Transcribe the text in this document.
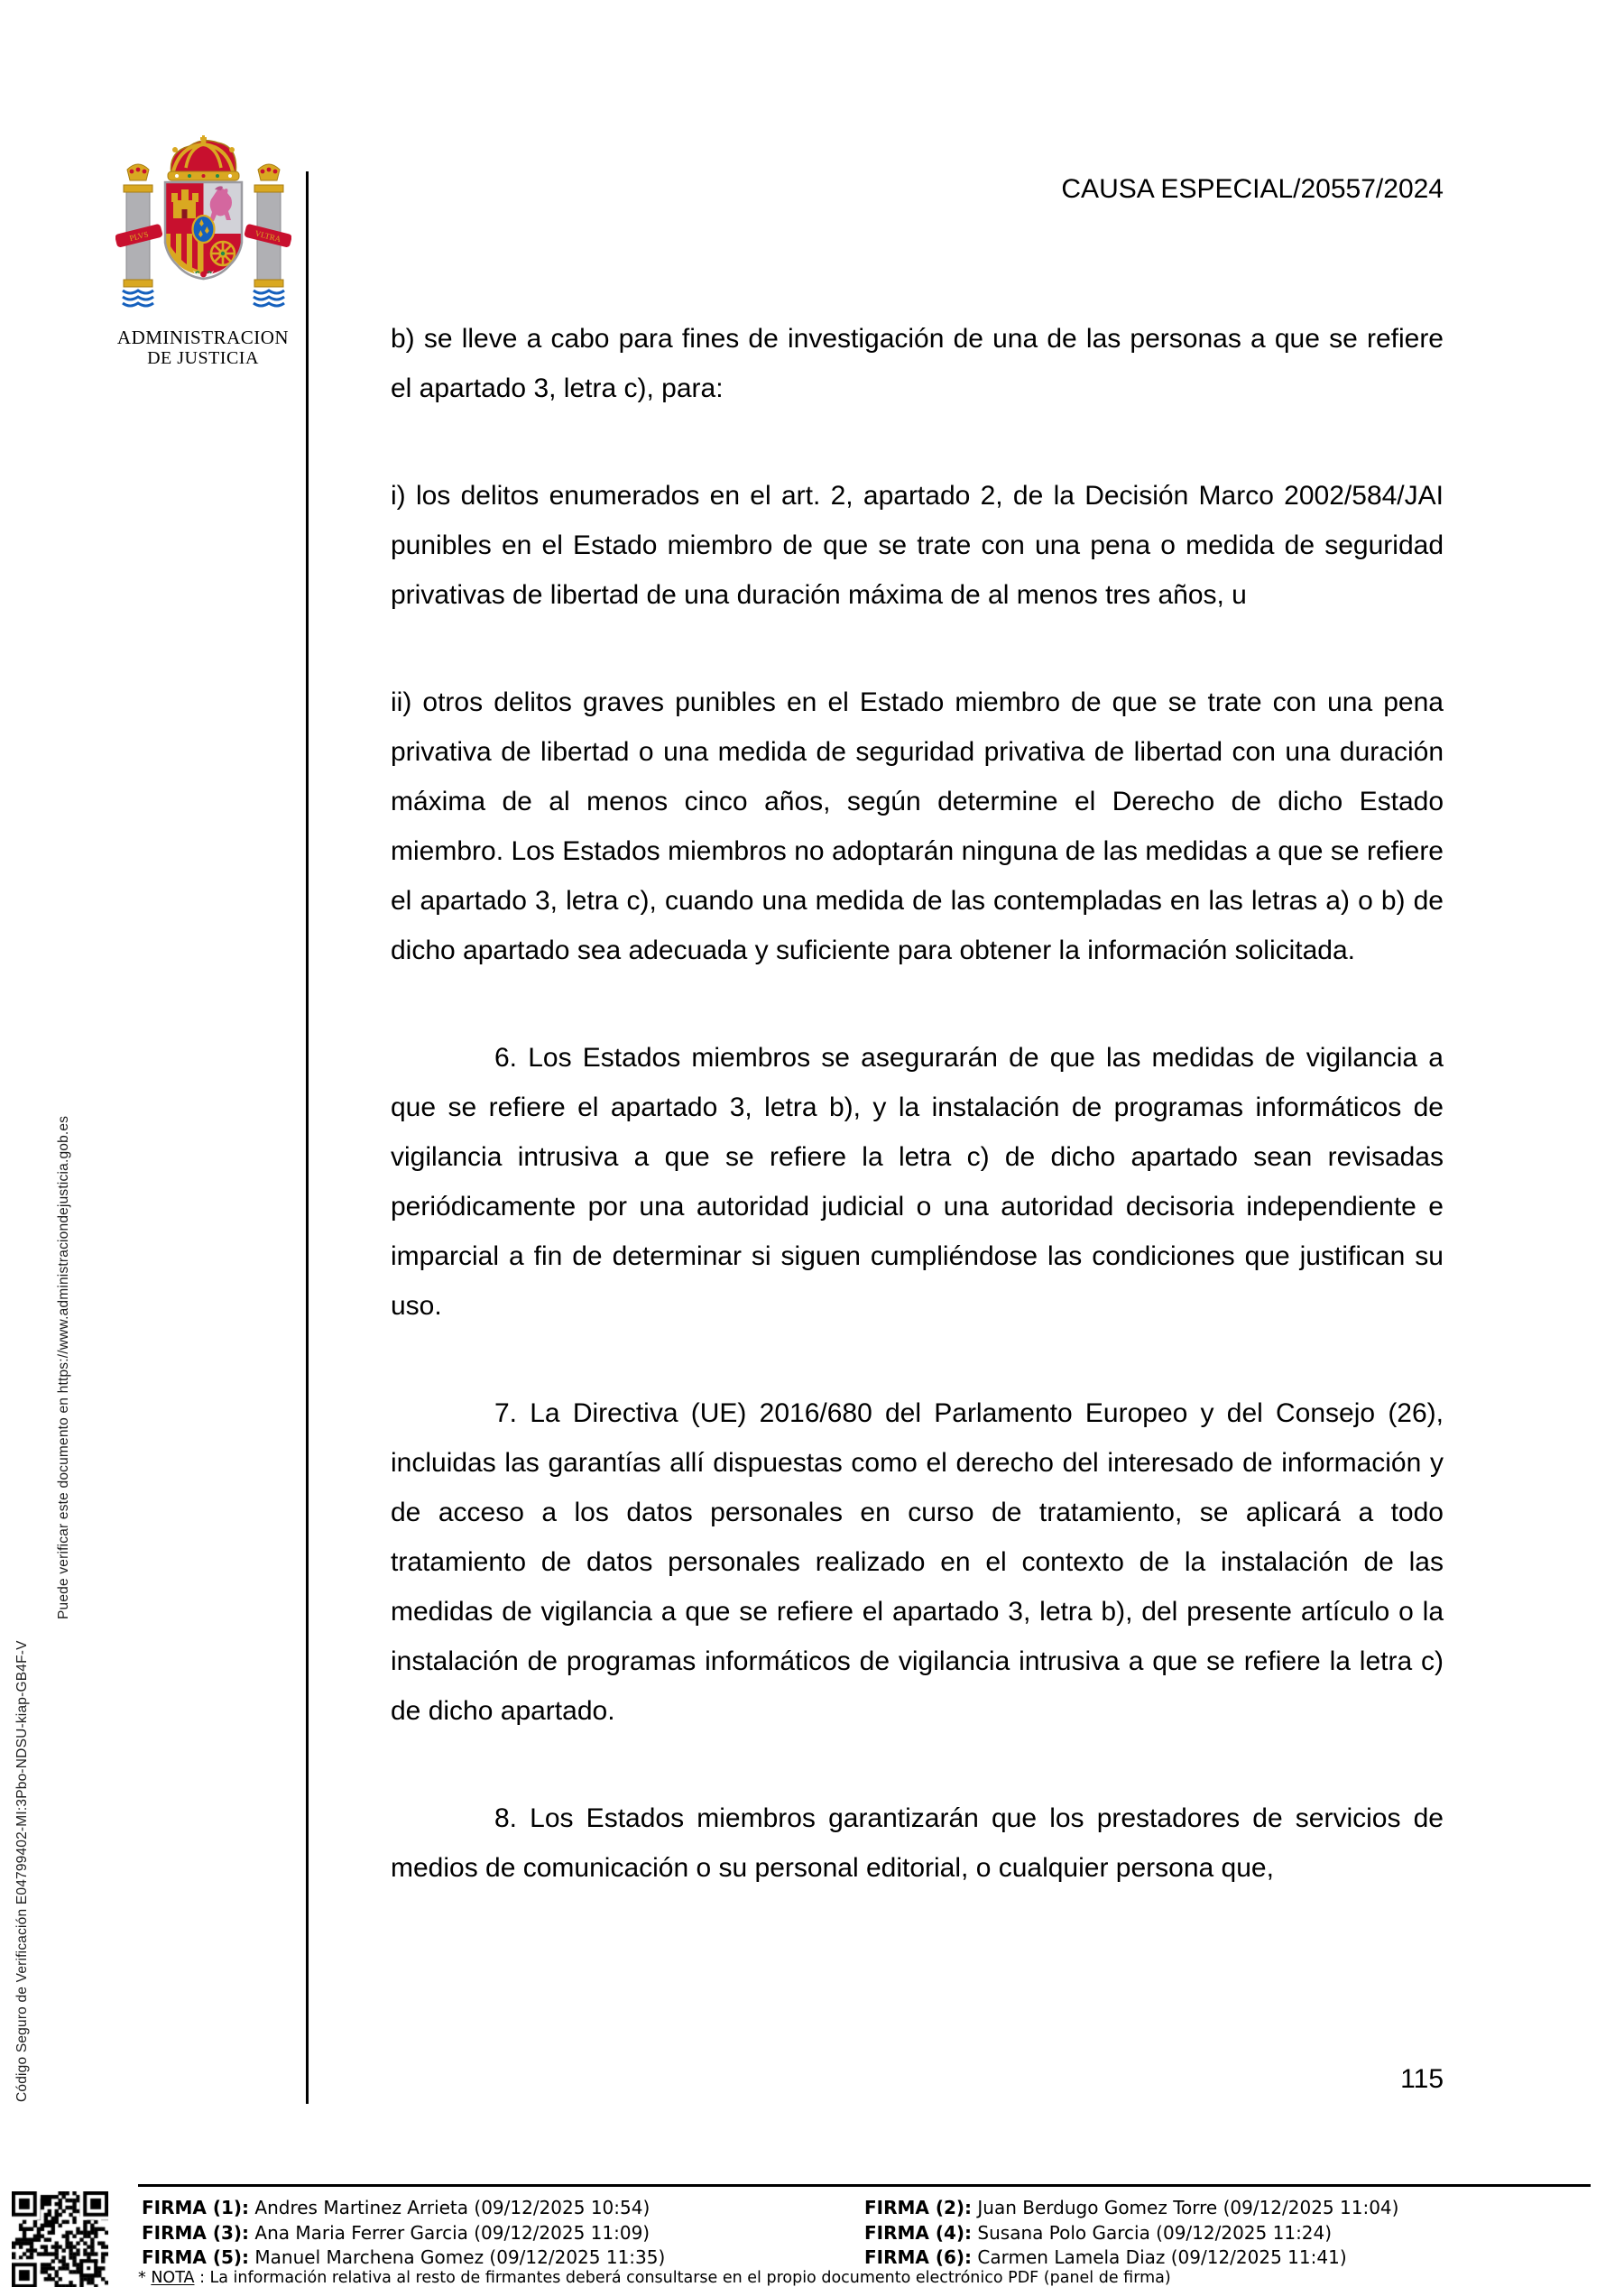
PLVS	VLTRA
ADMINISTRACION
DE JUSTICIA
CAUSA ESPECIAL/20557/2024

b) se lleve a cabo para fines de investigación de una de las personas a que se refiere el apartado 3, letra c), para:

i) los delitos enumerados en el art. 2, apartado 2, de la Decisión Marco 2002/584/JAI punibles en el Estado miembro de que se trate con una pena o medida de seguridad privativas de libertad de una duración máxima de al menos tres años, u

ii) otros delitos graves punibles en el Estado miembro de que se trate con una pena privativa de libertad o una medida de seguridad privativa de libertad con una duración máxima de al menos cinco años, según determine el Derecho de dicho Estado miembro. Los Estados miembros no adoptarán ninguna de las medidas a que se refiere el apartado 3, letra c), cuando una medida de las contempladas en las letras a) o b) de dicho apartado sea adecuada y suficiente para obtener la información solicitada.

6. Los Estados miembros se asegurarán de que las medidas de vigilancia a que se refiere el apartado 3, letra b), y la instalación de programas informáticos de vigilancia intrusiva a que se refiere la letra c) de dicho apartado sean revisadas periódicamente por una autoridad judicial o una autoridad decisoria independiente e imparcial a fin de determinar si siguen cumpliéndose las condiciones que justifican su uso.

7. La Directiva (UE) 2016/680 del Parlamento Europeo y del Consejo (26), incluidas las garantías allí dispuestas como el derecho del interesado de información y de acceso a los datos personales en curso de tratamiento, se aplicará a todo tratamiento de datos personales realizado en el contexto de la instalación de las medidas de vigilancia a que se refiere el apartado 3, letra b), del presente artículo o la instalación de programas informáticos de vigilancia intrusiva a que se refiere la letra c) de dicho apartado.

8. Los Estados miembros garantizarán que los prestadores de servicios de medios de comunicación o su personal editorial, o cualquier persona que,

115
Código Seguro de Verificación E04799402-MI:3Pbo-NDSU-kiap-GB4F-V
Puede verificar este documento en https://www.administraciondejusticia.gob.es
FIRMA (1): Andres Martinez Arrieta (09/12/2025 10:54)
FIRMA (3): Ana Maria Ferrer Garcia (09/12/2025 11:09)
FIRMA (5): Manuel Marchena Gomez (09/12/2025 11:35)
FIRMA (2): Juan Berdugo Gomez Torre (09/12/2025 11:04)
FIRMA (4): Susana Polo Garcia (09/12/2025 11:24)
FIRMA (6): Carmen Lamela Diaz (09/12/2025 11:41)
* NOTA : La información relativa al resto de firmantes deberá consultarse en el propio documento electrónico PDF (panel de firma)
